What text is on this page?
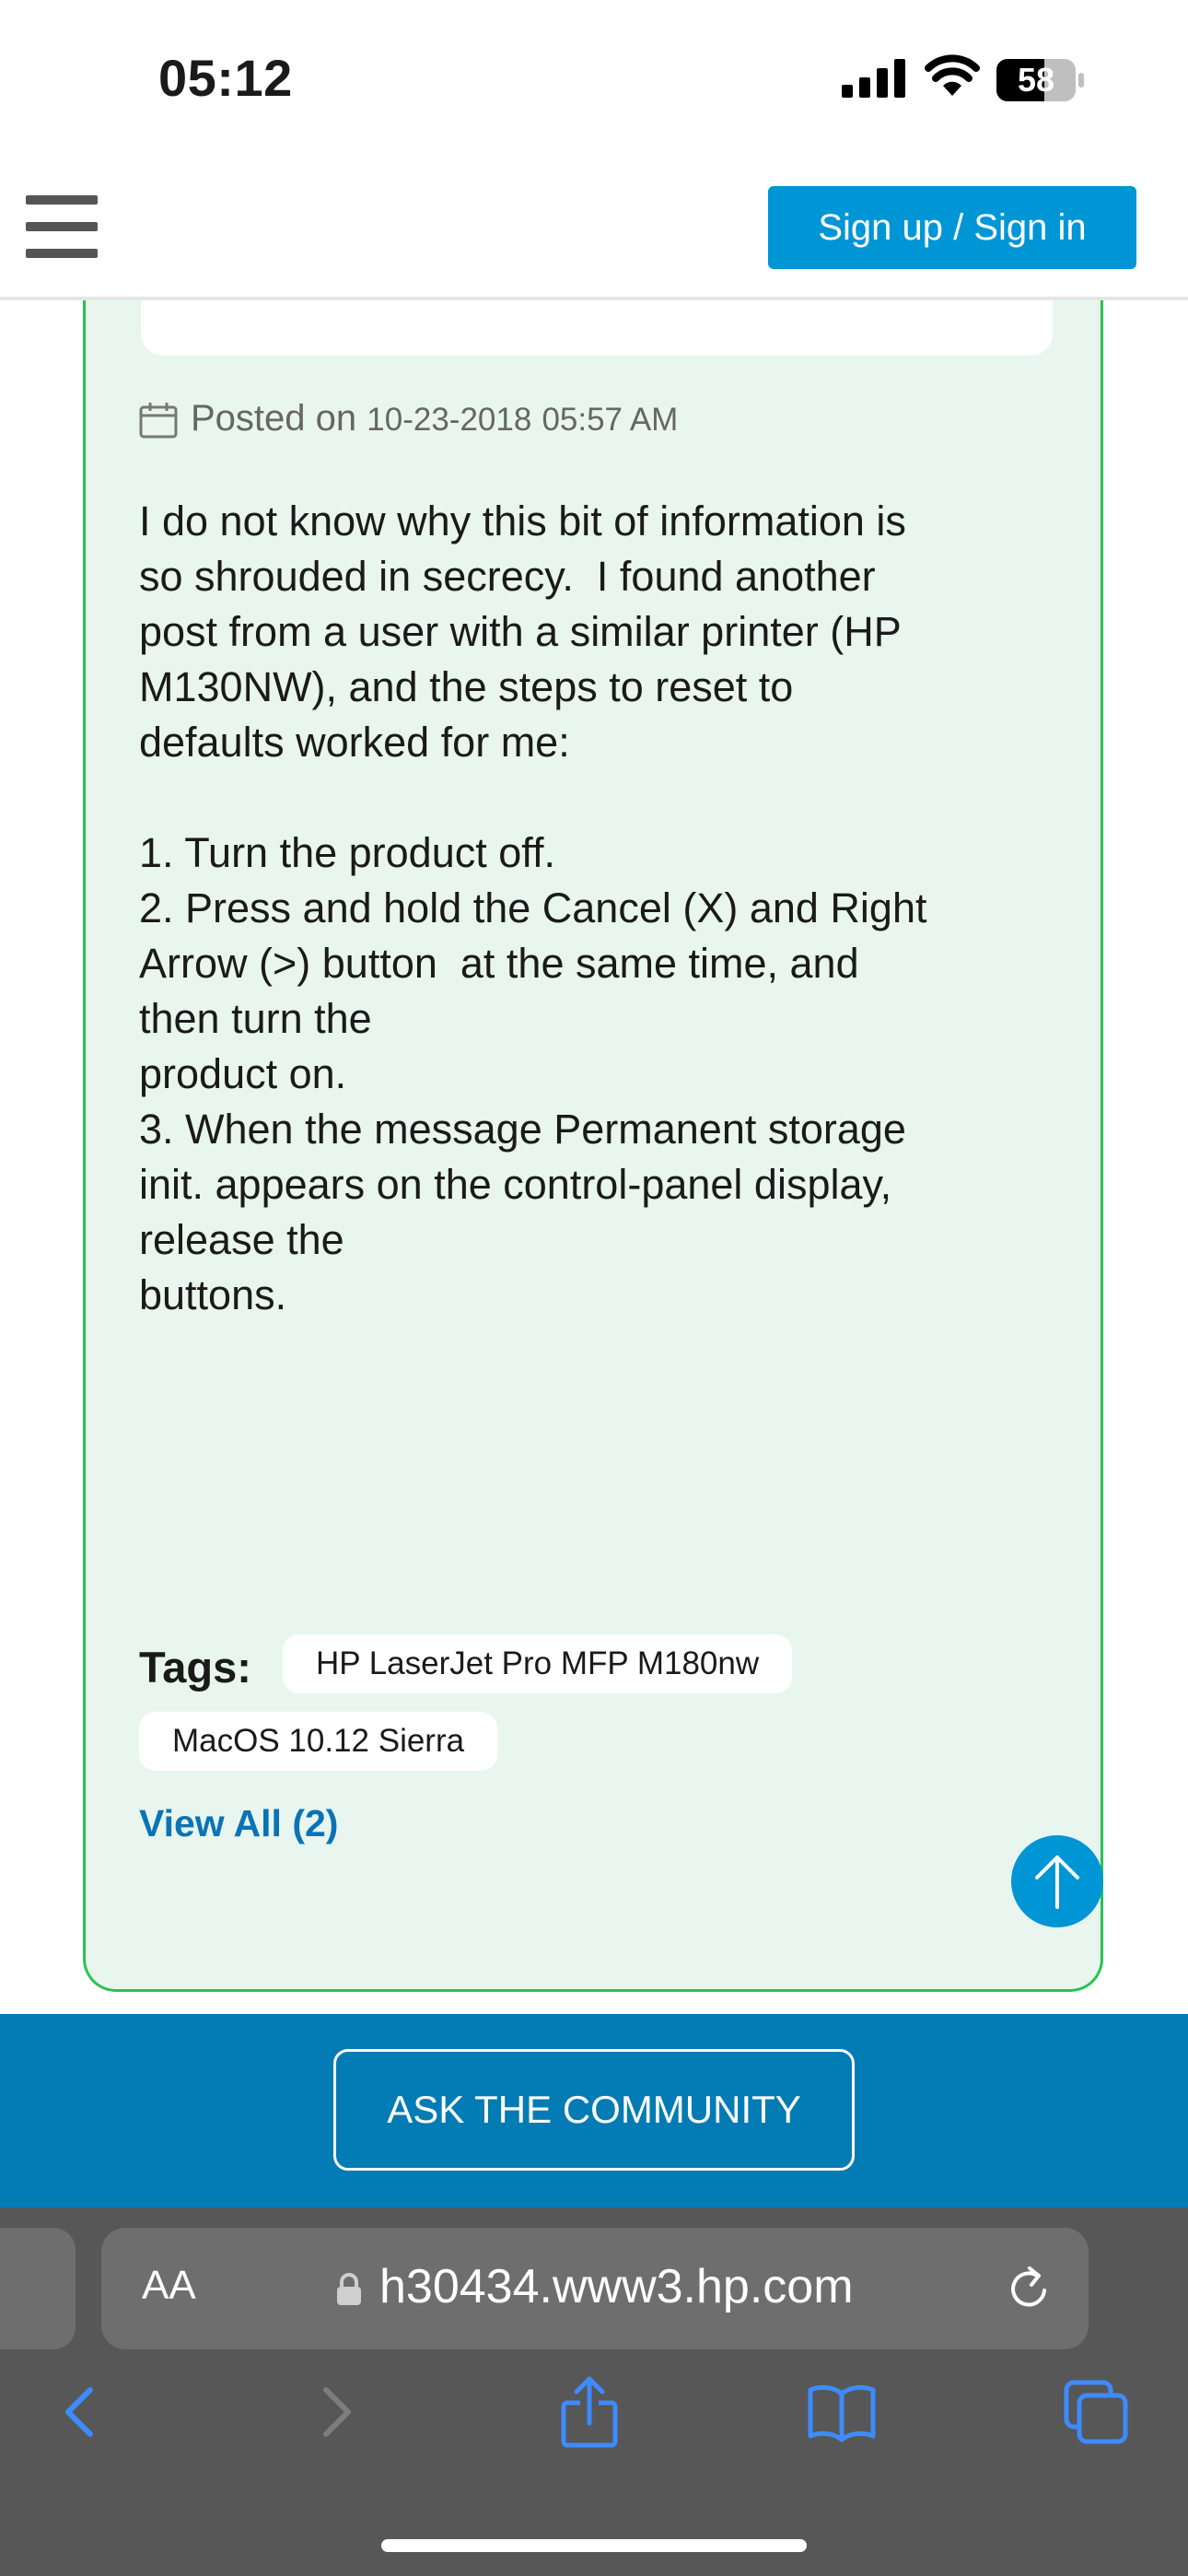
05:12	58
Sign up / Sign in
Posted on 10-23-2018 05:57 AM
I do not know why this bit of information is
so shrouded in secrecy.  I found another
post from a user with a similar printer (HP
M130NW), and the steps to reset to
defaults worked for me:

1. Turn the product off.
2. Press and hold the Cancel (X) and Right
Arrow (>) button  at the same time, and
then turn the
product on.
3. When the message Permanent storage
init. appears on the control-panel display,
release the
buttons.
Tags:	HP LaserJet Pro MFP M180nw
MacOS 10.12 Sierra
View All (2)
ASK THE COMMUNITY
AA	h30434.www3.hp.com
